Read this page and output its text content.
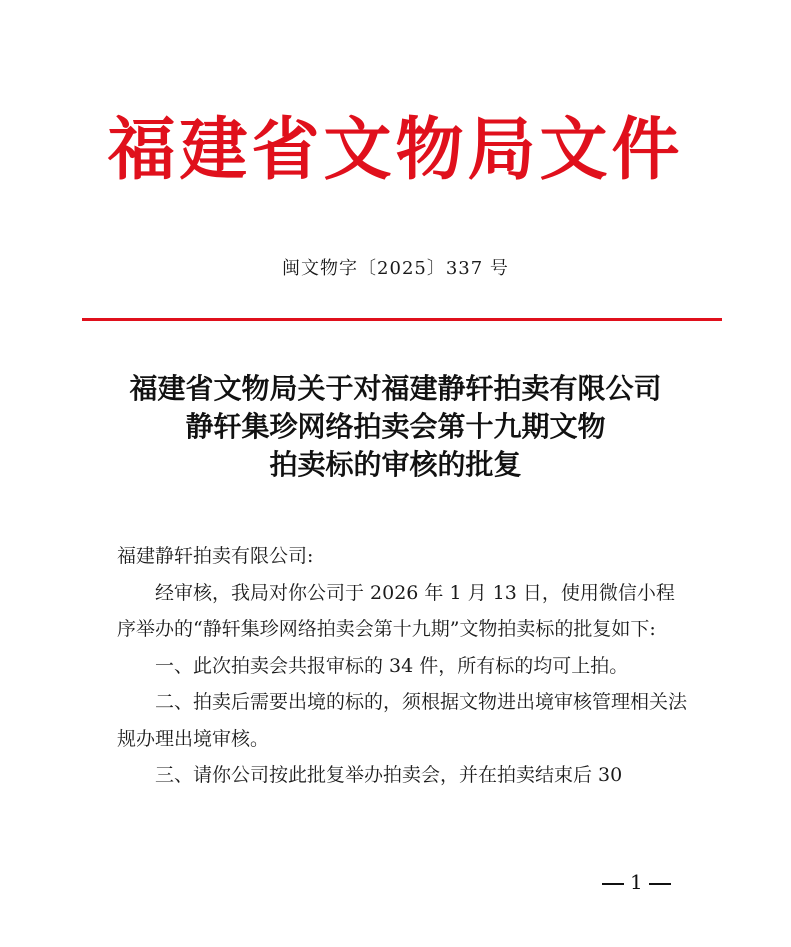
福建省文物局文件
闽文物字〔2025〕337 号
福建省文物局关于对福建静轩拍卖有限公司
静轩集珍网络拍卖会第十九期文物
拍卖标的审核的批复

福建静轩拍卖有限公司:

经审核，我局对你公司于 2026 年 1 月 13 日，使用微信小程序举办的“静轩集珍网络拍卖会第十九期”文物拍卖标的批复如下:

一、此次拍卖会共报审标的 34 件，所有标的均可上拍。

二、拍卖后需要出境的标的，须根据文物进出境审核管理相关法规办理出境审核。

三、请你公司按此批复举办拍卖会，并在拍卖结束后 30

1
